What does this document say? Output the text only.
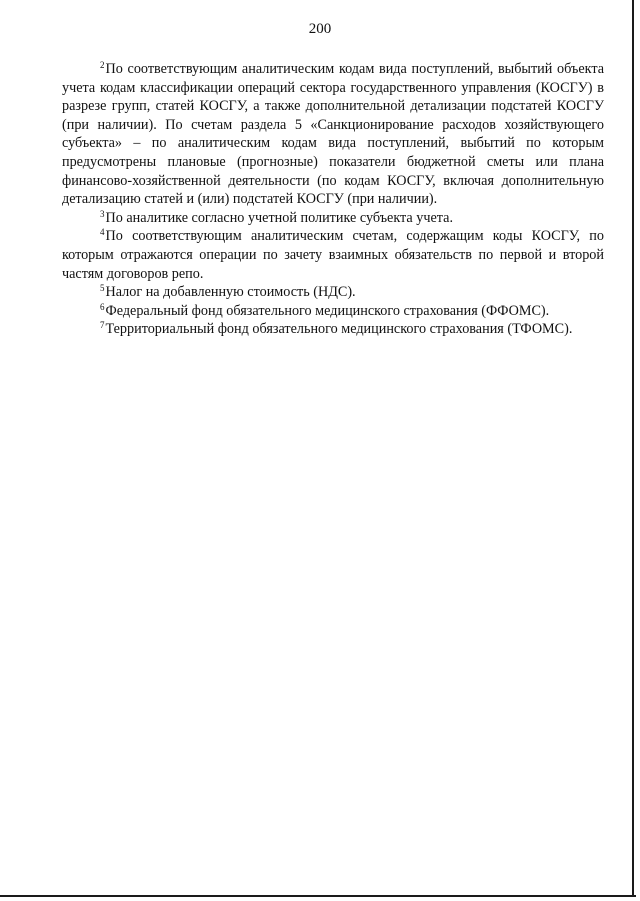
200

$^2$По соответствующим аналитическим кодам вида поступлений, выбытий объекта учета кодам классификации операций сектора государственного управления (КОСГУ) в разрезе групп, статей КОСГУ, а также дополнительной детализации подстатей КОСГУ (при наличии). По счетам раздела 5 «Санкционирование расходов хозяйствующего субъекта» – по аналитическим кодам вида поступлений, выбытий по которым предусмотрены плановые (прогнозные) показатели бюджетной сметы или плана финансово-хозяйственной деятельности (по кодам КОСГУ, включая дополнительную детализацию статей и (или) подстатей КОСГУ (при наличии).

$^3$По аналитике согласно учетной политике субъекта учета.

$^4$По соответствующим аналитическим счетам, содержащим коды КОСГУ, по которым отражаются операции по зачету взаимных обязательств по первой и второй частям договоров репо.

$^5$Налог на добавленную стоимость (НДС).

$^6$Федеральный фонд обязательного медицинского страхования (ФФОМС).

$^7$Территориальный фонд обязательного медицинского страхования (ТФОМС).
